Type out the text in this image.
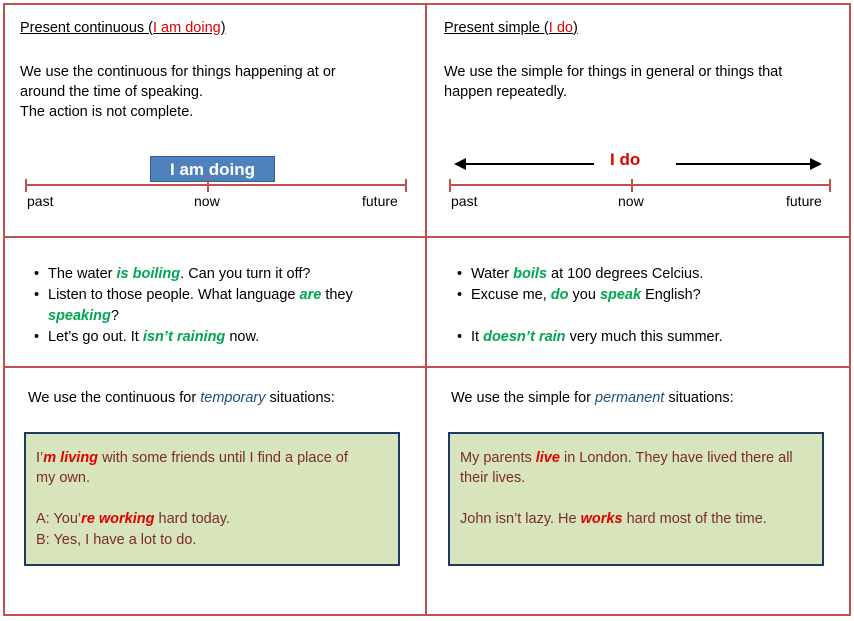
Present continuous (I am doing)
We use the continuous for things happening at or
around the time of speaking.
The action is not complete.
I am doing
past	now	future
Present simple (I do)
We use the simple for things in general or things that
happen repeatedly.
I do
past	now	future
• The water is boiling. Can you turn it off?
• Listen to those people. What language are they
speaking?
• Let’s go out. It isn’t raining now.
• Water boils at 100 degrees Celcius.
• Excuse me, do you speak English?
• It doesn’t rain very much this summer.
We use the continuous for temporary situations:
I’m living with some friends until I find a place of
my own.
A: You’re working hard today.
B: Yes, I have a lot to do.
We use the simple for permanent situations:
My parents live in London. They have lived there all
their lives.
John isn’t lazy. He works hard most of the time.
